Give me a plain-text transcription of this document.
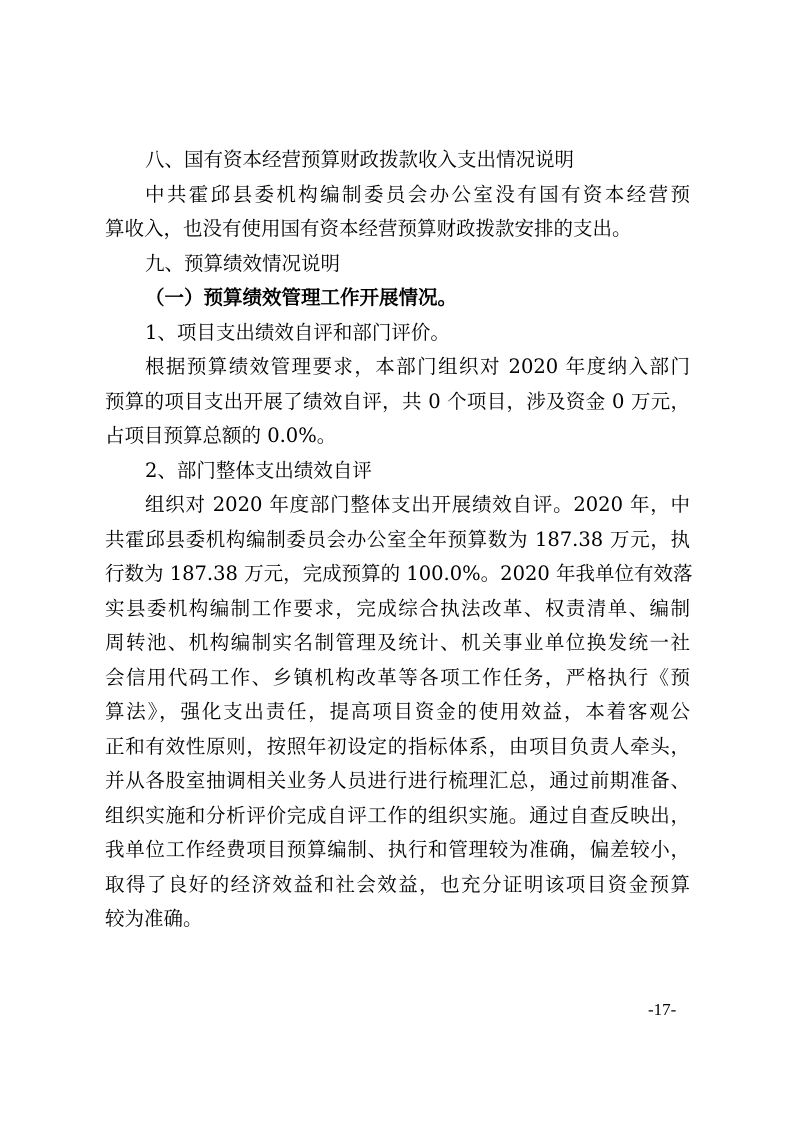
八、国有资本经营预算财政拨款收入支出情况说明
中共霍邱县委机构编制委员会办公室没有国有资本经营预
算收入，也没有使用国有资本经营预算财政拨款安排的支出。
九、预算绩效情况说明
（一）预算绩效管理工作开展情况。
1、项目支出绩效自评和部门评价。
根据预算绩效管理要求，本部门组织对 2020 年度纳入部门
预算的项目支出开展了绩效自评，共 0 个项目，涉及资金 0 万元，
占项目预算总额的 0.0%。
2、部门整体支出绩效自评
组织对 2020 年度部门整体支出开展绩效自评。2020 年，中
共霍邱县委机构编制委员会办公室全年预算数为 187.38 万元，执
行数为 187.38 万元，完成预算的 100.0%。2020 年我单位有效落
实县委机构编制工作要求，完成综合执法改革、权责清单、编制
周转池、机构编制实名制管理及统计、机关事业单位换发统一社
会信用代码工作、乡镇机构改革等各项工作任务，严格执行《预
算法》，强化支出责任，提高项目资金的使用效益，本着客观公
正和有效性原则，按照年初设定的指标体系，由项目负责人牵头，
并从各股室抽调相关业务人员进行进行梳理汇总，通过前期准备、
组织实施和分析评价完成自评工作的组织实施。通过自查反映出，
我单位工作经费项目预算编制、执行和管理较为准确，偏差较小，
取得了良好的经济效益和社会效益，也充分证明该项目资金预算
较为准确。
-17-
